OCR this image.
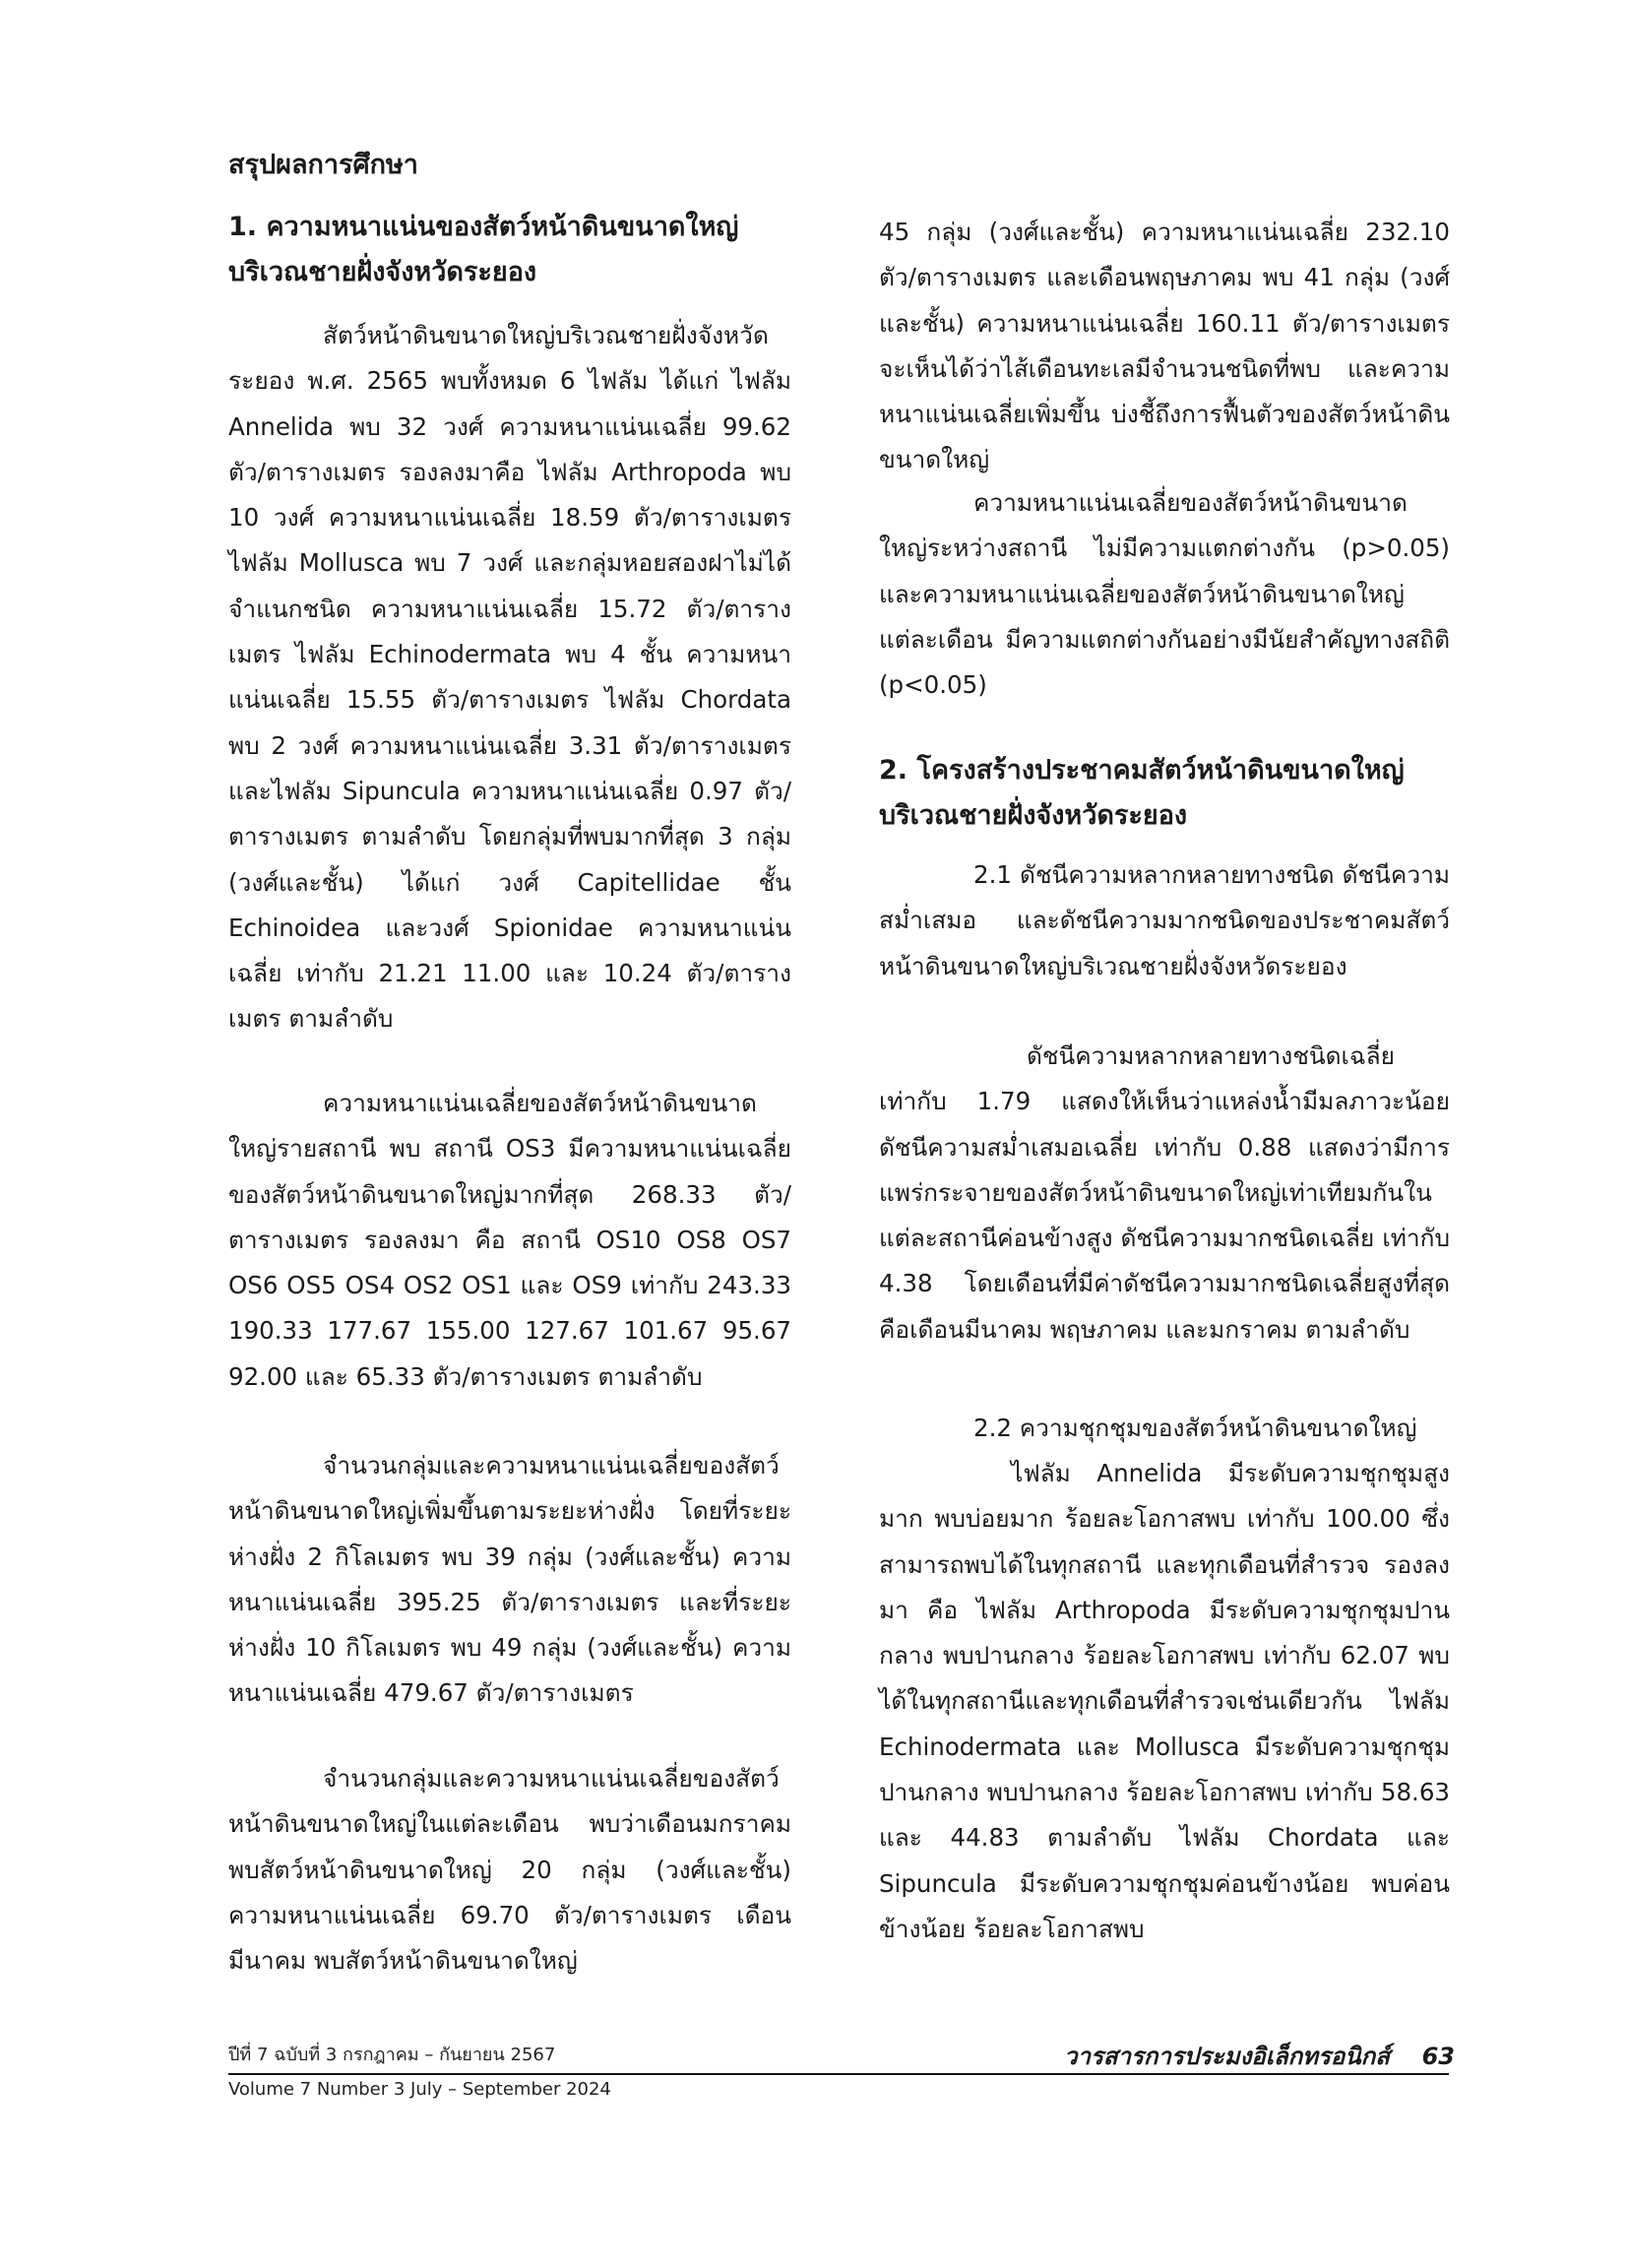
สรุปผลการศึกษา
1. ความหนาแน่นของสัตว์หน้าดินขนาดใหญ่ บริเวณชายฝั่งจังหวัดระยอง

สัตว์หน้าดินขนาดใหญ่บริเวณชายฝั่งจังหวัดระยอง พ.ศ. 2565 พบทั้งหมด 6 ไฟลัม ได้แก่ ไฟลัม Annelida พบ 32 วงศ์ ความหนาแน่นเฉลี่ย 99.62 ตัว/ตารางเมตร รองลงมาคือ ไฟลัม Arthropoda พบ 10 วงศ์ ความหนาแน่นเฉลี่ย 18.59 ตัว/ตารางเมตร ไฟลัม Mollusca พบ 7 วงศ์ และกลุ่มหอยสองฝาไม่ได้จำแนกชนิด ความหนาแน่นเฉลี่ย 15.72 ตัว/ตารางเมตร ไฟลัม Echinodermata พบ 4 ชั้น ความหนาแน่นเฉลี่ย 15.55 ตัว/ตารางเมตร ไฟลัม Chordata พบ 2 วงศ์ ความหนาแน่นเฉลี่ย 3.31 ตัว/ตารางเมตร และไฟลัม Sipuncula ความหนาแน่นเฉลี่ย 0.97 ตัว/ตารางเมตร ตามลำดับ โดยกลุ่มที่พบมากที่สุด 3 กลุ่ม (วงศ์และชั้น) ได้แก่ วงศ์ Capitellidae ชั้น Echinoidea และวงศ์ Spionidae ความหนาแน่นเฉลี่ย เท่ากับ 21.21 11.00 และ 10.24 ตัว/ตารางเมตร ตามลำดับ

ความหนาแน่นเฉลี่ยของสัตว์หน้าดินขนาดใหญ่รายสถานี พบ สถานี OS3 มีความหนาแน่นเฉลี่ยของสัตว์หน้าดินขนาดใหญ่มากที่สุด 268.33 ตัว/ตารางเมตร รองลงมา คือ สถานี OS10 OS8 OS7 OS6 OS5 OS4 OS2 OS1 และ OS9 เท่ากับ 243.33 190.33 177.67 155.00 127.67 101.67 95.67 92.00 และ 65.33 ตัว/ตารางเมตร ตามลำดับ

จำนวนกลุ่มและความหนาแน่นเฉลี่ยของสัตว์หน้าดินขนาดใหญ่เพิ่มขึ้นตามระยะห่างฝั่ง โดยที่ระยะห่างฝั่ง 2 กิโลเมตร พบ 39 กลุ่ม (วงศ์และชั้น) ความหนาแน่นเฉลี่ย 395.25 ตัว/ตารางเมตร และที่ระยะห่างฝั่ง 10 กิโลเมตร พบ 49 กลุ่ม (วงศ์และชั้น) ความหนาแน่นเฉลี่ย 479.67 ตัว/ตารางเมตร

จำนวนกลุ่มและความหนาแน่นเฉลี่ยของสัตว์หน้าดินขนาดใหญ่ในแต่ละเดือน พบว่าเดือนมกราคม พบสัตว์หน้าดินขนาดใหญ่ 20 กลุ่ม (วงศ์และชั้น) ความหนาแน่นเฉลี่ย 69.70 ตัว/ตารางเมตร เดือนมีนาคม พบสัตว์หน้าดินขนาดใหญ่

45 กลุ่ม (วงศ์และชั้น) ความหนาแน่นเฉลี่ย 232.10 ตัว/ตารางเมตร และเดือนพฤษภาคม พบ 41 กลุ่ม (วงศ์และชั้น) ความหนาแน่นเฉลี่ย 160.11 ตัว/ตารางเมตร จะเห็นได้ว่าไส้เดือนทะเลมีจำนวนชนิดที่พบ และความหนาแน่นเฉลี่ยเพิ่มขึ้น บ่งชี้ถึงการฟื้นตัวของสัตว์หน้าดินขนาดใหญ่

ความหนาแน่นเฉลี่ยของสัตว์หน้าดินขนาดใหญ่ระหว่างสถานี ไม่มีความแตกต่างกัน (p>0.05) และความหนาแน่นเฉลี่ยของสัตว์หน้าดินขนาดใหญ่แต่ละเดือน มีความแตกต่างกันอย่างมีนัยสำคัญทางสถิติ (p<0.05)

2. โครงสร้างประชาคมสัตว์หน้าดินขนาดใหญ่ บริเวณชายฝั่งจังหวัดระยอง

2.1 ดัชนีความหลากหลายทางชนิด ดัชนีความสม่ำเสมอ และดัชนีความมากชนิดของประชาคมสัตว์หน้าดินขนาดใหญ่บริเวณชายฝั่งจังหวัดระยอง

ดัชนีความหลากหลายทางชนิดเฉลี่ยเท่ากับ 1.79 แสดงให้เห็นว่าแหล่งน้ำมีมลภาวะน้อย ดัชนีความสม่ำเสมอเฉลี่ย เท่ากับ 0.88 แสดงว่ามีการแพร่กระจายของสัตว์หน้าดินขนาดใหญ่เท่าเทียมกันในแต่ละสถานีค่อนข้างสูง ดัชนีความมากชนิดเฉลี่ย เท่ากับ 4.38 โดยเดือนที่มีค่าดัชนีความมากชนิดเฉลี่ยสูงที่สุดคือเดือนมีนาคม พฤษภาคม และมกราคม ตามลำดับ

2.2 ความชุกชุมของสัตว์หน้าดินขนาดใหญ่

ไฟลัม Annelida มีระดับความชุกชุมสูงมาก พบบ่อยมาก ร้อยละโอกาสพบ เท่ากับ 100.00 ซึ่งสามารถพบได้ในทุกสถานี และทุกเดือนที่สำรวจ รองลงมา คือ ไฟลัม Arthropoda มีระดับความชุกชุมปานกลาง พบปานกลาง ร้อยละโอกาสพบ เท่ากับ 62.07 พบได้ในทุกสถานีและทุกเดือนที่สำรวจเช่นเดียวกัน ไฟลัม Echinodermata และ Mollusca มีระดับความชุกชุมปานกลาง พบปานกลาง ร้อยละโอกาสพบ เท่ากับ 58.63 และ 44.83 ตามลำดับ ไฟลัม Chordata และ Sipuncula มีระดับความชุกชุมค่อนข้างน้อย พบค่อนข้างน้อย ร้อยละโอกาสพบ

ปีที่ 7 ฉบับที่ 3 กรกฎาคม – กันยายน 2567
Volume 7 Number 3 July – September 2024
วารสารการประมงอิเล็กทรอนิกส์ 63
